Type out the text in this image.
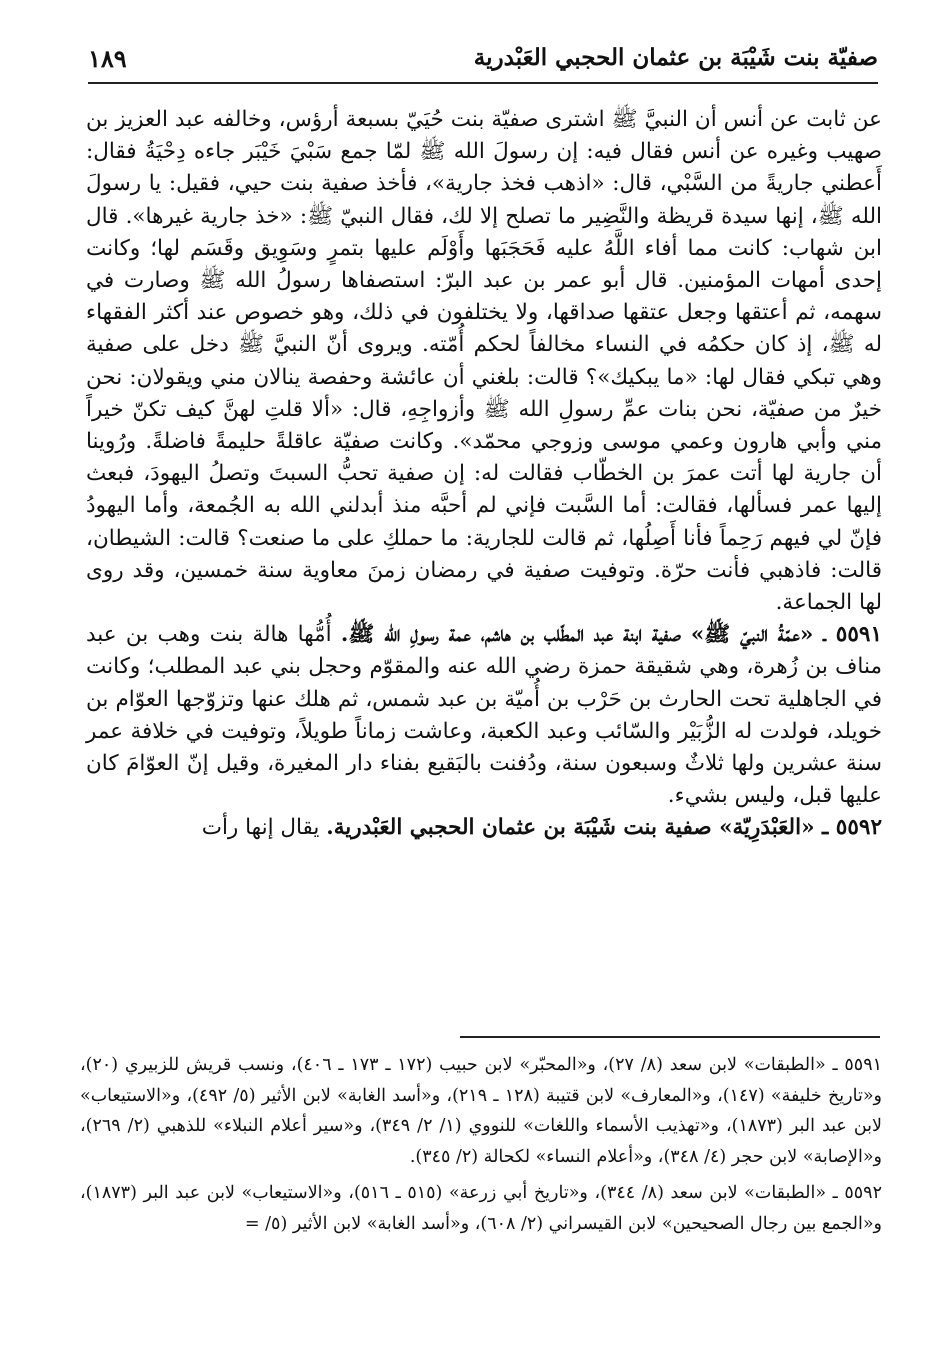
صفيّة بنت شَيْبَة بن عثمان الحجبي العَبْدرية
١٨٩

عن ثابت عن أنس أن النبيَّ ﷺ اشترى صفيّة بنت حُيَيّ بسبعة أرؤس، وخالفه عبد العزيز بن صهيب وغيره عن أنس فقال فيه: إن رسولَ الله ﷺ لمّا جمع سَبْيَ خَيْبَر جاءه دِحْيَةُ فقال: أَعطني جاريةً من السَّبْي، قال: «اذهب فخذ جارية»، فأخذ صفية بنت حيي، فقيل: يا رسولَ الله ﷺ، إنها سيدة قريظة والنَّضِير ما تصلح إلا لك، فقال النبيّ ﷺ: «خذ جارية غيرها». قال ابن شهاب: كانت مما أفاء اللَّهُ عليه فَحَجَبَها وأَوْلَم عليها بتمرٍ وسَوِيق وقَسَم لها؛ وكانت إحدى أمهات المؤمنين. قال أبو عمر بن عبد البرّ: استصفاها رسولُ الله ﷺ وصارت في سهمه، ثم أعتقها وجعل عتقها صداقها، ولا يختلفون في ذلك، وهو خصوص عند أكثر الفقهاء له ﷺ، إذ كان حكمُه في النساء مخالفاً لحكم أُمّته. ويروى أنّ النبيَّ ﷺ دخل على صفية وهي تبكي فقال لها: «ما يبكيك»؟ قالت: بلغني أن عائشة وحفصة ينالان مني ويقولان: نحن خيرٌ من صفيّة، نحن بنات عمِّ رسولِ الله ﷺ وأزواجِهِ، قال: «ألا قلتِ لهنَّ كيف تكنّ خيراً مني وأبي هارون وعمي موسى وزوجي محمّد». وكانت صفيّة عاقلةً حليمةً فاضلةً. ورُوينا أن جارية لها أتت عمرَ بن الخطّاب فقالت له: إن صفية تحبُّ السبتَ وتصلُ اليهودَ، فبعث إليها عمر فسألها، فقالت: أما السَّبت فإني لم أحبَّه منذ أبدلني الله به الجُمعة، وأما اليهودُ فإنّ لي فيهم رَحِماً فأنا أَصِلُها، ثم قالت للجارية: ما حملكِ على ما صنعت؟ قالت: الشيطان، قالت: فاذهبي فأنت حرّة. وتوفيت صفية في رمضان زمنَ معاوية سنة خمسين، وقد روى لها الجماعة.

٥٥٩١ ـ «عمّةُ النبيّ ﷺ» صفية ابنة عبد المطّلب بن هاشم، عمة رسولِ الله ﷺ. أُمُّها هالة بنت وهب بن عبد مناف بن زُهرة، وهي شقيقة حمزة رضي الله عنه والمقوّم وحجل بني عبد المطلب؛ وكانت في الجاهلية تحت الحارث بن حَرْب بن أُميّة بن عبد شمس، ثم هلك عنها وتزوّجها العوّام بن خويلد، فولدت له الزُّبَيْر والسّائب وعبد الكعبة، وعاشت زماناً طويلاً، وتوفيت في خلافة عمر سنة عشرين ولها ثلاثٌ وسبعون سنة، ودُفنت بالبَقيع بفناء دار المغيرة، وقيل إنّ العوّامَ كان عليها قبل، وليس بشيء.

٥٥٩٢ ـ «العَبْدَرِيّة» صفية بنت شَيْبَة بن عثمان الحجبي العَبْدرية. يقال إنها رأت

٥٥٩١ ـ «الطبقات» لابن سعد (٨/ ٢٧)، و«المحبّر» لابن حبيب (١٧٢ ـ ١٧٣ ـ ٤٠٦)، ونسب قريش للزبيري (٢٠)، و«تاريخ خليفة» (١٤٧)، و«المعارف» لابن قتيبة (١٢٨ ـ ٢١٩)، و«أسد الغابة» لابن الأثير (٥/ ٤٩٢)، و«الاستيعاب» لابن عبد البر (١٨٧٣)، و«تهذيب الأسماء واللغات» للنووي (١/ ٢/ ٣٤٩)، و«سير أعلام النبلاء» للذهبي (٢/ ٢٦٩)، و«الإصابة» لابن حجر (٤/ ٣٤٨)، و«أعلام النساء» لكحالة (٢/ ٣٤٥).

٥٥٩٢ ـ «الطبقات» لابن سعد (٨/ ٣٤٤)، و«تاريخ أبي زرعة» (٥١٥ ـ ٥١٦)، و«الاستيعاب» لابن عبد البر (١٨٧٣)، و«الجمع بين رجال الصحيحين» لابن القيسراني (٢/ ٦٠٨)، و«أسد الغابة» لابن الأثير (٥/ =
